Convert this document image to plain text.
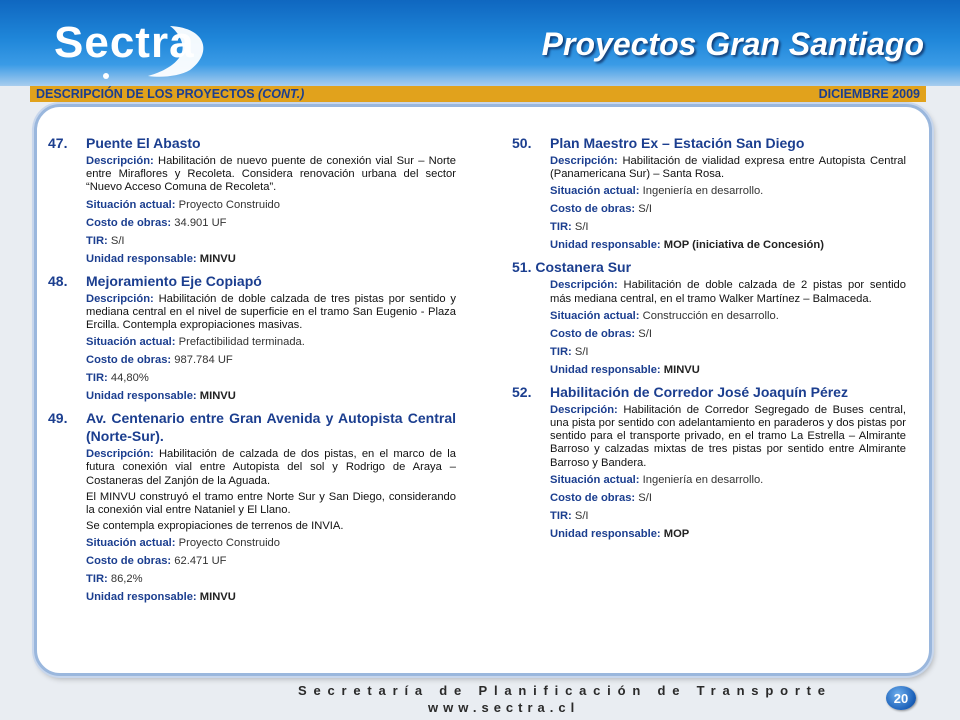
Sectra	Proyectos Gran Santiago
DESCRIPCIÓN DE LOS PROYECTOS (CONT.)	DICIEMBRE 2009
47.	Puente El Abasto

Descripción: Habilitación de nuevo puente de conexión vial Sur – Norte entre Miraflores y Recoleta. Considera renovación urbana del sector “Nuevo Acceso Comuna de Recoleta”.

Situación actual: Proyecto Construido
Costo de obras: 34.901 UF
TIR: S/I
Unidad responsable: MINVU
48.	Mejoramiento Eje Copiapó

Descripción: Habilitación de doble calzada de tres pistas por sentido y mediana central en el nivel de superficie en el tramo San Eugenio - Plaza Ercilla. Contempla expropiaciones masivas.

Situación actual: Prefactibilidad terminada.
Costo de obras: 987.784 UF
TIR: 44,80%
Unidad responsable: MINVU
49.	Av. Centenario entre Gran Avenida y Autopista Central (Norte-Sur).

Descripción: Habilitación de calzada de dos pistas, en el marco de la futura conexión vial entre Autopista del sol y Rodrigo de Araya – Costaneras del Zanjón de la Aguada.

El MINVU construyó el tramo entre Norte Sur y San Diego, considerando la conexión vial entre Nataniel y El Llano.

Se contempla expropiaciones de terrenos de INVIA.

Situación actual: Proyecto Construido
Costo de obras: 62.471 UF
TIR: 86,2%
Unidad responsable: MINVU
50.	Plan Maestro Ex – Estación San Diego

Descripción: Habilitación de vialidad expresa entre Autopista Central (Panamericana Sur) – Santa Rosa.

Situación actual: Ingeniería en desarrollo.
Costo de obras: S/I
TIR: S/I
Unidad responsable: MOP (iniciativa de Concesión)
51.
Costanera Sur

Descripción: Habilitación de doble calzada de 2 pistas por sentido más mediana central, en el tramo Walker Martínez – Balmaceda.

Situación actual: Construcción en desarrollo.
Costo de obras: S/I
TIR: S/I
Unidad responsable: MINVU
52.	Habilitación de Corredor José Joaquín Pérez

Descripción: Habilitación de Corredor Segregado de Buses central, una pista por sentido con adelantamiento en paraderos y dos pistas por sentido para el transporte privado, en el tramo La Estrella – Almirante Barroso y calzadas mixtas de tres pistas por sentido entre Almirante Barroso y Bandera.

Situación actual: Ingeniería en desarrollo.
Costo de obras: S/I
TIR: S/I
Unidad responsable: MOP
Secretaría de Planificación de Transporte
www.sectra.cl
20
